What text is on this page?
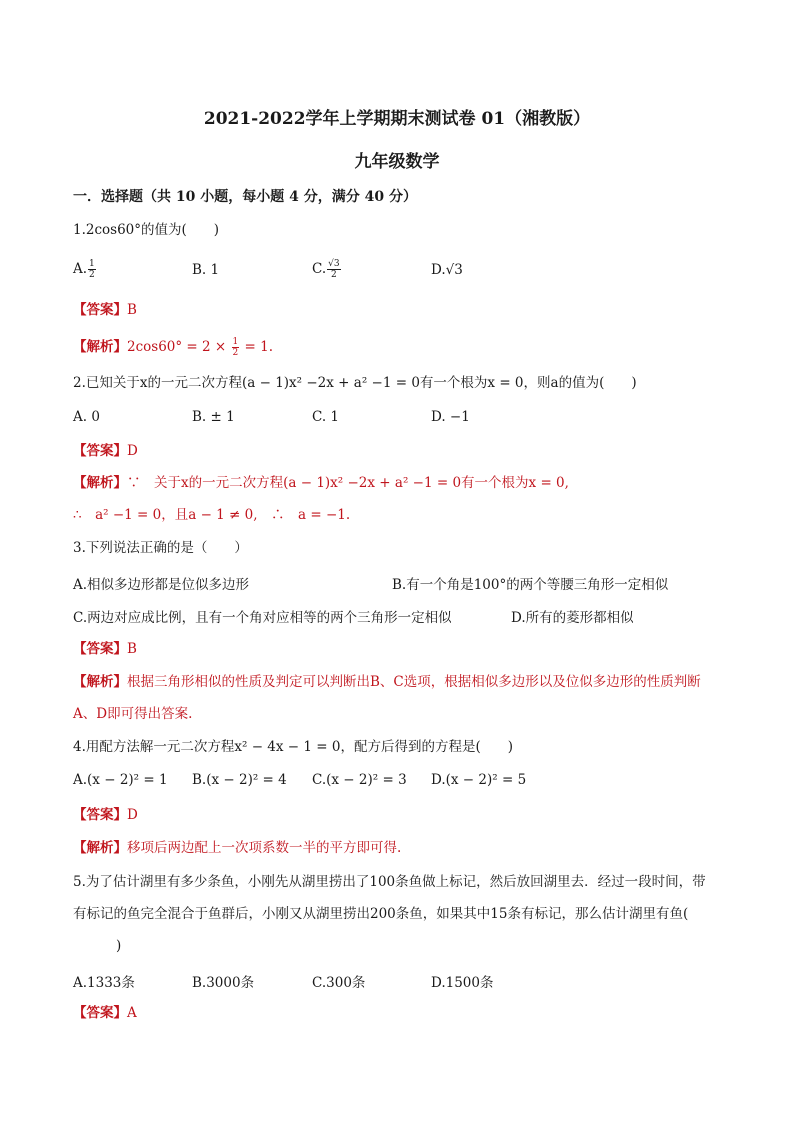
2021-2022学年上学期期末测试卷 01（湘教版）
九年级数学
一．选择题（共 10 小题，每小题 4 分，满分 40 分）
1.2cos60°的值为(　　)
A. $\frac{1}{2}$	B. 1	C. $\frac{√3}{2}$	D.√3
【答案】B
【解析】$2\cos 60^\circ = 2 \times \frac{1}{2} = 1$.
2.已知关于x的一元二次方程(a − 1)x² −2x + a² −1 = 0有一个根为x = 0，则a的值为(　　)
A. 0	B. ± 1	C. 1	D. −1
【答案】D
【解析】∵　关于x的一元二次方程(a − 1)x² −2x + a² −1 = 0有一个根为x = 0,
∴　a² −1 = 0，且a − 1 ≠ 0,　∴　a = −1.
3.下列说法正确的是（　　）
A.相似多边形都是位似多边形	B.有一个角是100°的两个等腰三角形一定相似
C.两边对应成比例，且有一个角对应相等的两个三角形一定相似	D.所有的菱形都相似
【答案】B
【解析】根据三角形相似的性质及判定可以判断出B、C选项，根据相似多边形以及位似多边形的性质判断
A、D即可得出答案.
4.用配方法解一元二次方程x² − 4x − 1 = 0，配方后得到的方程是(　　)
A.(x − 2)² = 1 B.(x − 2)² = 4 C.(x − 2)² = 3 D.(x − 2)² = 5
【答案】D
【解析】移项后两边配上一次项系数一半的平方即可得.
5.为了估计湖里有多少条鱼，小刚先从湖里捞出了100条鱼做上标记，然后放回湖里去．经过一段时间，带
有标记的鱼完全混合于鱼群后，小刚又从湖里捞出200条鱼，如果其中15条有标记，那么估计湖里有鱼(
)
A.1333条	B.3000条	C.300条	D.1500条
【答案】A
